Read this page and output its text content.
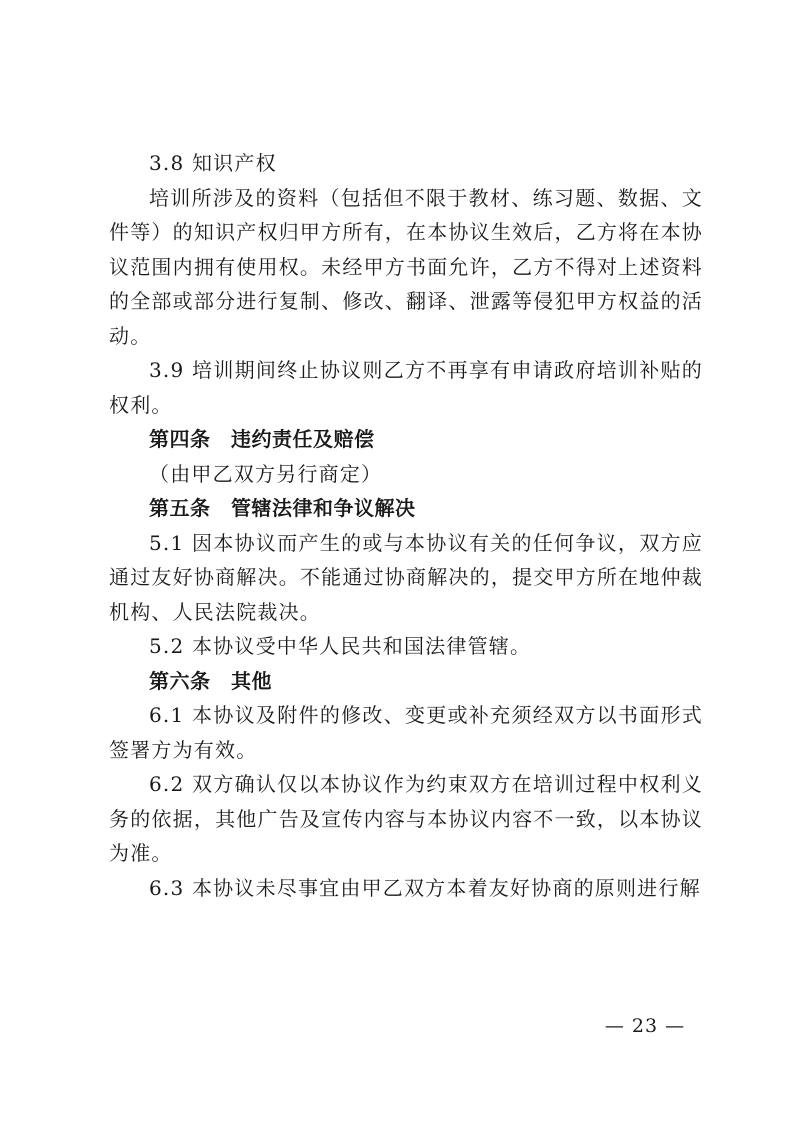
3.8 知识产权

培训所涉及的资料（包括但不限于教材、练习题、数据、文件等）的知识产权归甲方所有，在本协议生效后，乙方将在本协议范围内拥有使用权。未经甲方书面允许，乙方不得对上述资料的全部或部分进行复制、修改、翻译、泄露等侵犯甲方权益的活动。

3.9 培训期间终止协议则乙方不再享有申请政府培训补贴的权利。

第四条　违约责任及赔偿

（由甲乙双方另行商定）

第五条　管辖法律和争议解决

5.1 因本协议而产生的或与本协议有关的任何争议，双方应通过友好协商解决。不能通过协商解决的，提交甲方所在地仲裁机构、人民法院裁决。

5.2 本协议受中华人民共和国法律管辖。

第六条　其他

6.1 本协议及附件的修改、变更或补充须经双方以书面形式签署方为有效。

6.2 双方确认仅以本协议作为约束双方在培训过程中权利义务的依据，其他广告及宣传内容与本协议内容不一致，以本协议为准。

6.3 本协议未尽事宜由甲乙双方本着友好协商的原则进行解

— 23 —
